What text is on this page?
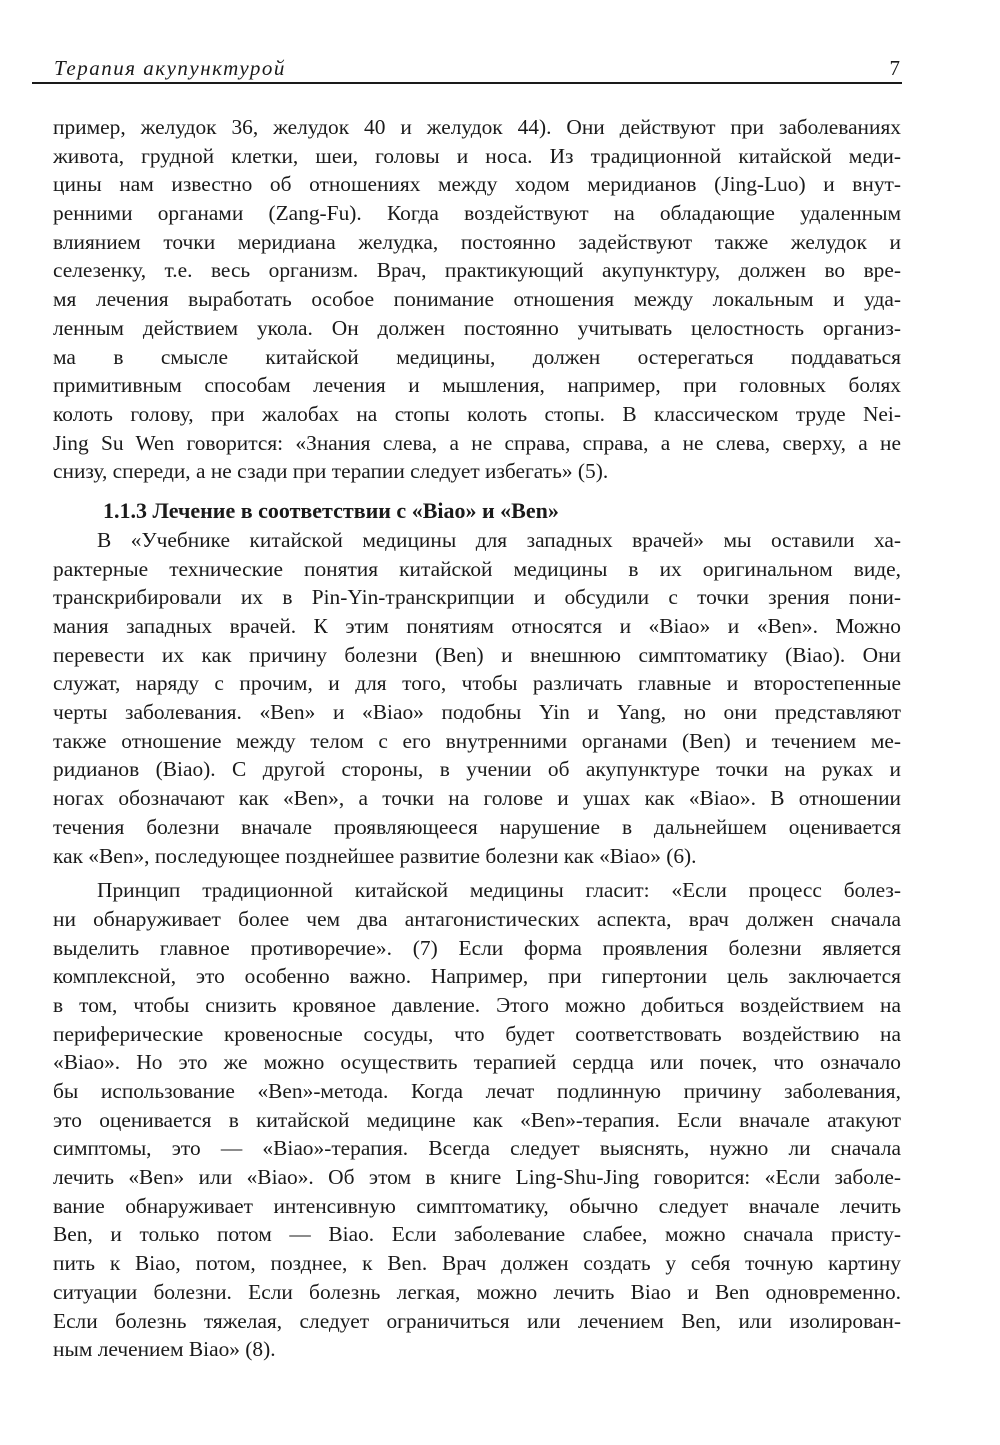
Терапия акупунктурой	7
пример, желудок 36, желудок 40 и желудок 44). Они действуют при заболеваниях
живота, грудной клетки, шеи, головы и носа. Из традиционной китайской меди-
цины нам известно об отношениях между ходом меридианов (Jing-Luo) и внут-
ренними органами (Zang-Fu). Когда воздействуют на обладающие удаленным
влиянием точки меридиана желудка, постоянно задействуют также желудок и
селезенку, т.е. весь организм. Врач, практикующий акупунктуру, должен во вре-
мя лечения выработать особое понимание отношения между локальным и уда-
ленным действием укола. Он должен постоянно учитывать целостность организ-
ма в смысле китайской медицины, должен остерегаться поддаваться
примитивным способам лечения и мышления, например, при головных болях
колоть голову, при жалобах на стопы колоть стопы. В классическом труде Nei-
Jing Su Wen говорится: «Знания слева, а не справа, справа, а не слева, сверху, а не
снизу, спереди, а не сзади при терапии следует избегать» (5).
1.1.3 Лечение в соответствии с «Biao» и «Ben»
В «Учебнике китайской медицины для западных врачей» мы оставили ха-
рактерные технические понятия китайской медицины в их оригинальном виде,
транскрибировали их в Pin-Yin-транскрипции и обсудили с точки зрения пони-
мания западных врачей. К этим понятиям относятся и «Biao» и «Ben». Можно
перевести их как причину болезни (Ben) и внешнюю симптоматику (Biao). Они
служат, наряду с прочим, и для того, чтобы различать главные и второстепенные
черты заболевания. «Ben» и «Biao» подобны Yin и Yang, но они представляют
также отношение между телом с его внутренними органами (Ben) и течением ме-
ридианов (Biao). С другой стороны, в учении об акупунктуре точки на руках и
ногах обозначают как «Ben», а точки на голове и ушах как «Biao». В отношении
течения болезни вначале проявляющееся нарушение в дальнейшем оценивается
как «Ben», последующее позднейшее развитие болезни как «Biao» (6).
Принцип традиционной китайской медицины гласит: «Если процесс болез-
ни обнаруживает более чем два антагонистических аспекта, врач должен сначала
выделить главное противоречие». (7) Если форма проявления болезни является
комплексной, это особенно важно. Например, при гипертонии цель заключается
в том, чтобы снизить кровяное давление. Этого можно добиться воздействием на
периферические кровеносные сосуды, что будет соответствовать воздействию на
«Biao». Но это же можно осуществить терапией сердца или почек, что означало
бы использование «Ben»-метода. Когда лечат подлинную причину заболевания,
это оценивается в китайской медицине как «Ben»-терапия. Если вначале атакуют
симптомы, это — «Biao»-терапия. Всегда следует выяснять, нужно ли сначала
лечить «Ben» или «Biao». Об этом в книге Ling-Shu-Jing говорится: «Если заболе-
вание обнаруживает интенсивную симптоматику, обычно следует вначале лечить
Ben, и только потом — Biao. Если заболевание слабее, можно сначала присту-
пить к Biao, потом, позднее, к Ben. Врач должен создать у себя точную картину
ситуации болезни. Если болезнь легкая, можно лечить Biao и Ben одновременно.
Если болезнь тяжелая, следует ограничиться или лечением Ben, или изолирован-
ным лечением Biao» (8).
